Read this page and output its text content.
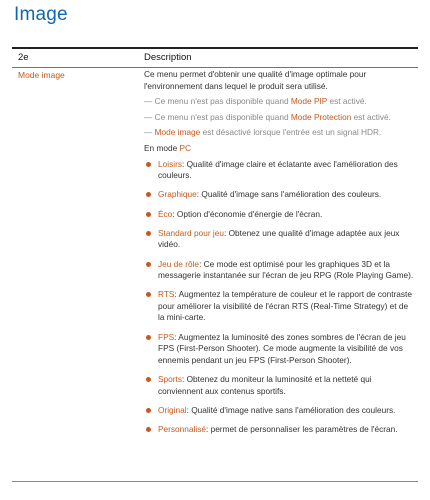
Image
2e	Description
Mode image	Ce menu permet d'obtenir une qualité d'image optimale pour l'environnement dans lequel le produit sera utilisé.

— Ce menu n'est pas disponible quand Mode PIP est activé.

— Ce menu n'est pas disponible quand Mode Protection est activé.

— Mode image est désactivé lorsque l'entrée est un signal HDR.

En mode PC

Loisirs: Qualité d'image claire et éclatante avec l'amélioration des couleurs.
Graphique: Qualité d'image sans l'amélioration des couleurs.
Éco: Option d'économie d'énergie de l'écran.
Standard pour jeu: Obtenez une qualité d'image adaptée aux jeux vidéo.
Jeu de rôle: Ce mode est optimisé pour les graphiques 3D et la messagerie instantanée sur l'écran de jeu RPG (Role Playing Game).
RTS: Augmentez la température de couleur et le rapport de contraste pour améliorer la visibilité de l'écran RTS (Real-Time Strategy) et de la mini-carte.
FPS: Augmentez la luminosité des zones sombres de l'écran de jeu FPS (First-Person Shooter). Ce mode augmente la visibilité de vos ennemis pendant un jeu FPS (First-Person Shooter).
Sports: Obtenez du moniteur la luminosité et la netteté qui conviennent aux contenus sportifs.
Original: Qualité d'image native sans l'amélioration des couleurs.
Personnalisé: permet de personnaliser les paramètres de l'écran.
